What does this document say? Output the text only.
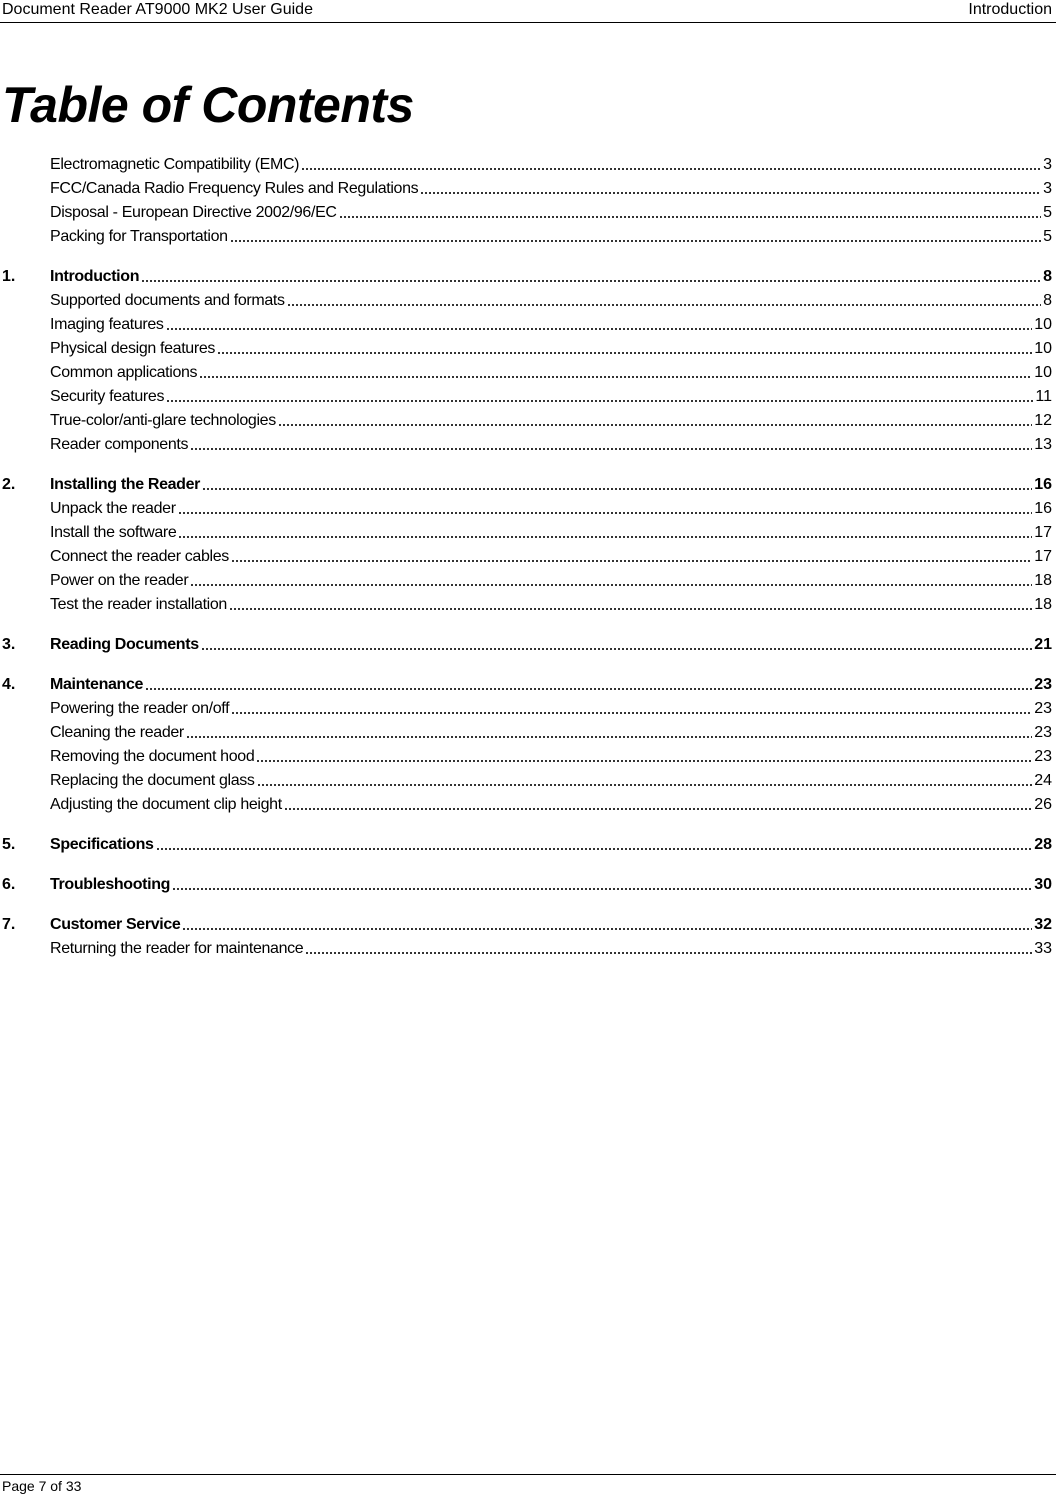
Document Reader AT9000 MK2 User Guide	Introduction
Table of Contents
Electromagnetic Compatibility (EMC)	3
FCC/Canada Radio Frequency Rules and Regulations	3
Disposal - European Directive 2002/96/EC	5
Packing for Transportation	5
1.	Introduction	8
Supported documents and formats	8
Imaging features	10
Physical design features	10
Common applications	10
Security features	11
True-color/anti-glare technologies	12
Reader components	13
2.	Installing the Reader	16
Unpack the reader	16
Install the software	17
Connect the reader cables	17
Power on the reader	18
Test the reader installation	18
3.	Reading Documents	21
4.	Maintenance	23
Powering the reader on/off	23
Cleaning the reader	23
Removing the document hood	23
Replacing the document glass	24
Adjusting the document clip height	26
5.	Specifications	28
6.	Troubleshooting	30
7.	Customer Service	32
Returning the reader for maintenance	33
Page 7 of 33
